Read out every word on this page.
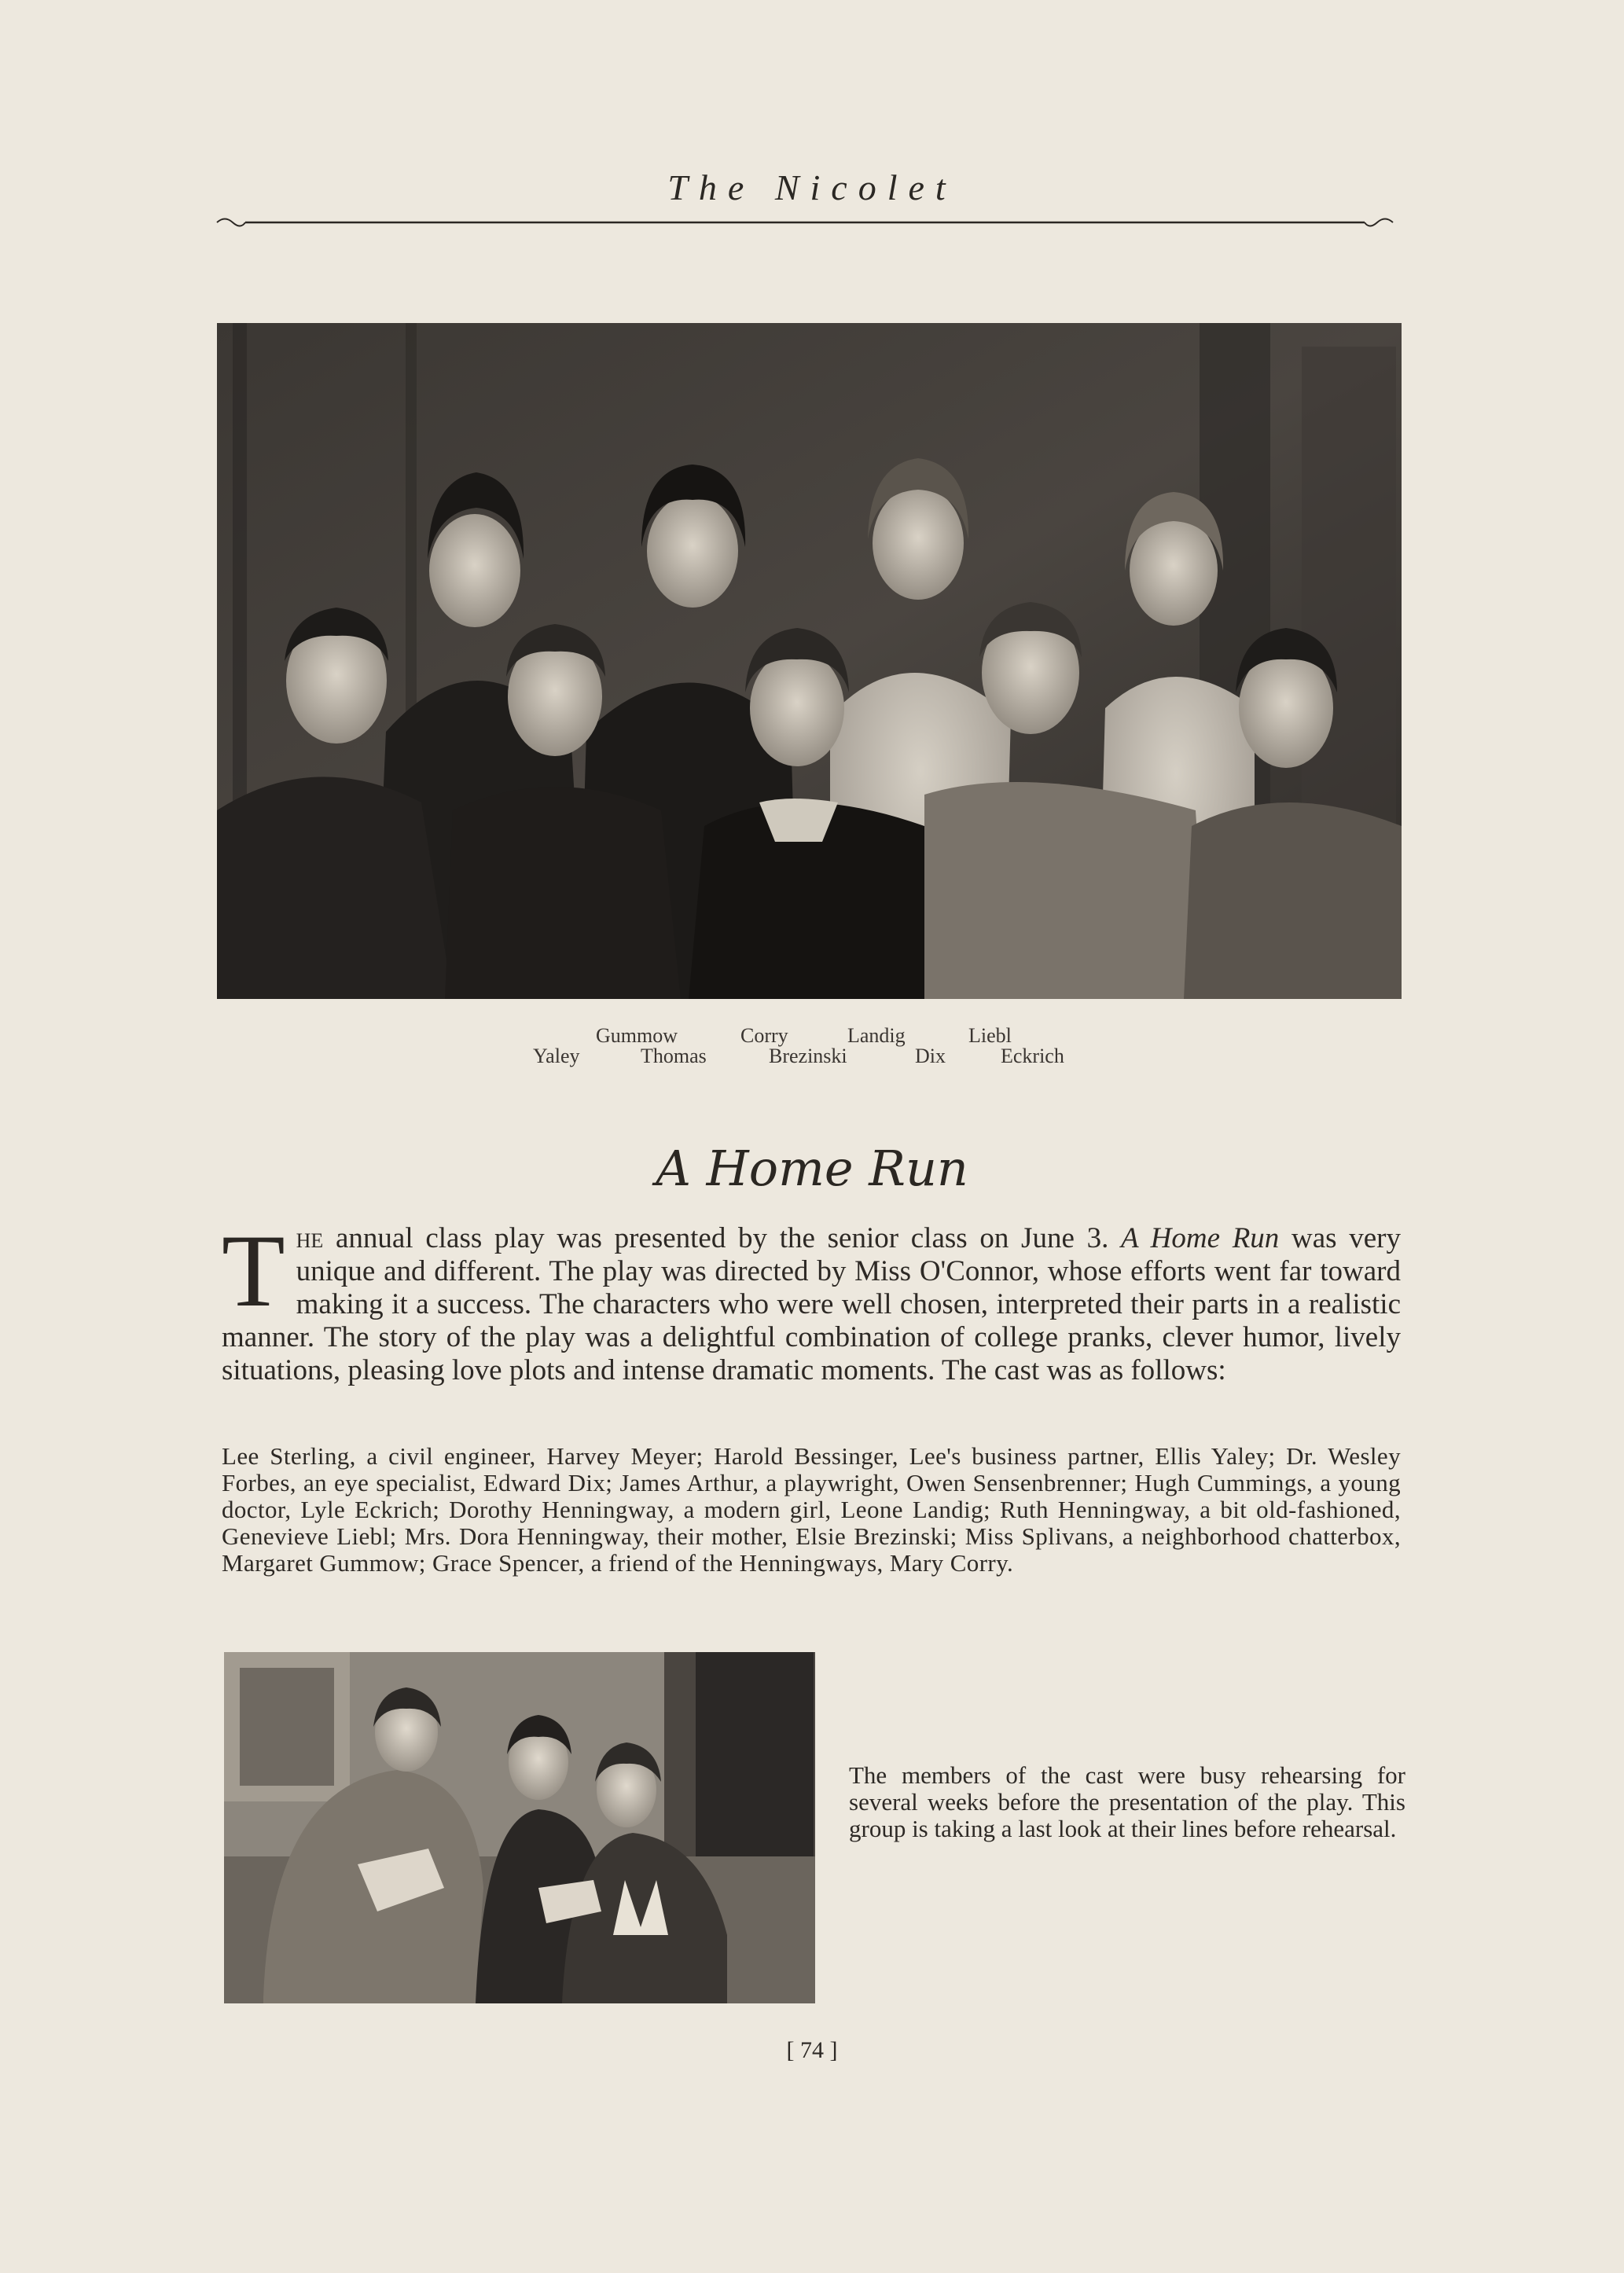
The Nicolet
Gummow	Corry	Landig	Liebl
Yaley	Thomas	Brezinski	Dix	Eckrich
A Home Run
The annual class play was presented by the senior class on June 3. A Home Run was very unique and different. The play was directed by Miss O'Connor, whose efforts went far toward making it a success. The characters who were well chosen, interpreted their parts in a realistic manner. The story of the play was a delightful combination of college pranks, clever humor, lively situations, pleasing love plots and intense dramatic moments. The cast was as follows:
Lee Sterling, a civil engineer, Harvey Meyer; Harold Bessinger, Lee's business partner, Ellis Yaley; Dr. Wesley Forbes, an eye specialist, Edward Dix; James Arthur, a playwright, Owen Sensenbrenner; Hugh Cummings, a young doctor, Lyle Eckrich; Dorothy Henningway, a modern girl, Leone Landig; Ruth Henningway, a bit old-fashioned, Genevieve Liebl; Mrs. Dora Henningway, their mother, Elsie Brezinski; Miss Splivans, a neighborhood chatterbox, Margaret Gummow; Grace Spencer, a friend of the Henningways, Mary Corry.
The members of the cast were busy rehearsing for several weeks before the presentation of the play. This group is taking a last look at their lines before rehearsal.
[ 74 ]
